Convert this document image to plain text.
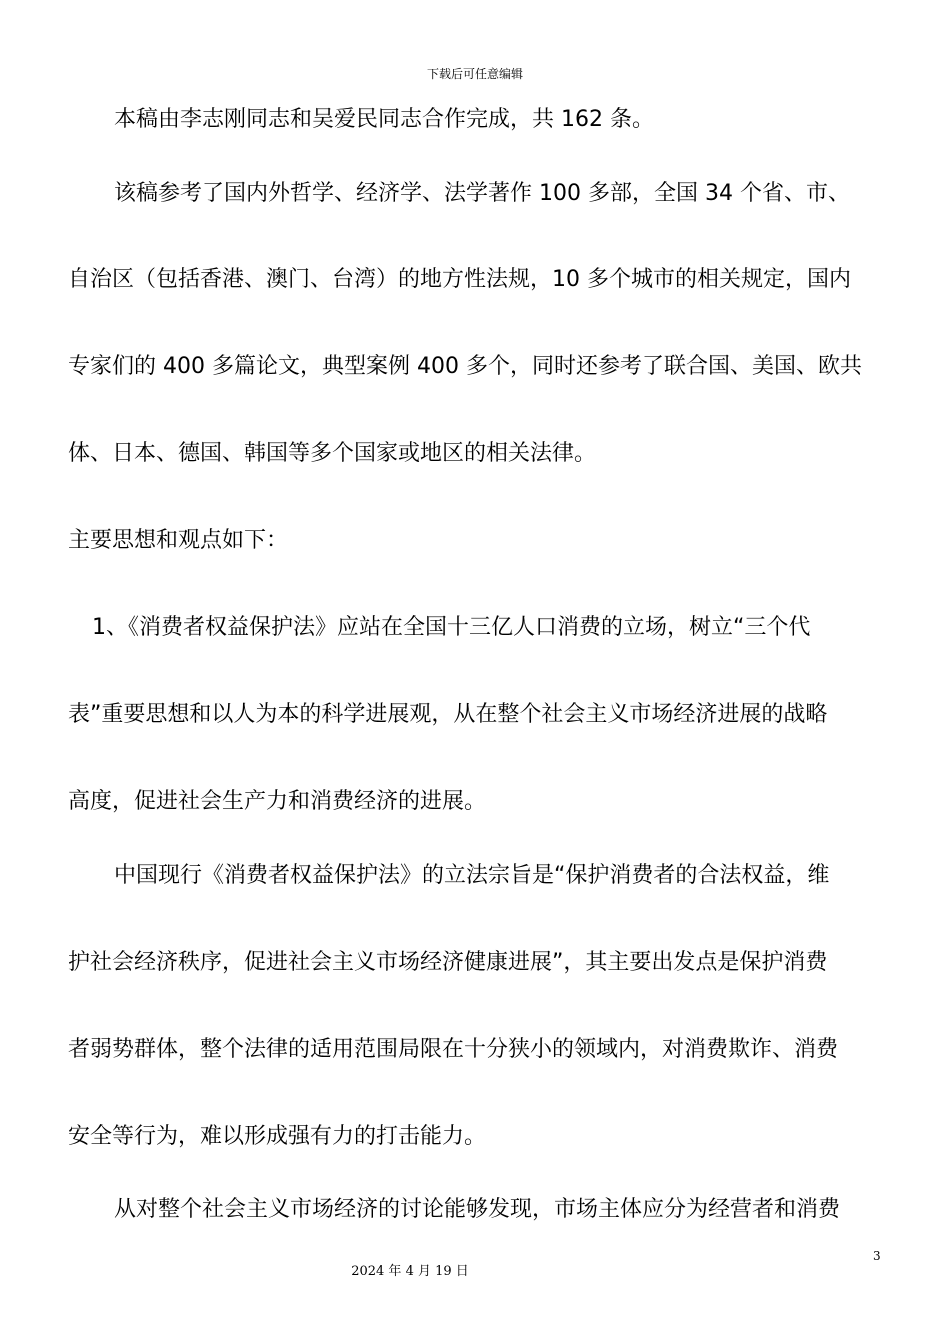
下载后可任意编辑
本稿由李志刚同志和吴爱民同志合作完成，共 162 条。
该稿参考了国内外哲学、经济学、法学著作 100 多部，全国 34 个省、市、
自治区（包括香港、澳门、台湾）的地方性法规，10 多个城市的相关规定，国内
专家们的 400 多篇论文，典型案例 400 多个，同时还参考了联合国、美国、欧共
体、日本、德国、韩国等多个国家或地区的相关法律。
主要思想和观点如下：
1、《消费者权益保护法》应站在全国十三亿人口消费的立场，树立“三个代
表”重要思想和以人为本的科学进展观，从在整个社会主义市场经济进展的战略
高度，促进社会生产力和消费经济的进展。
中国现行《消费者权益保护法》的立法宗旨是“保护消费者的合法权益，维
护社会经济秩序，促进社会主义市场经济健康进展”，其主要出发点是保护消费
者弱势群体，整个法律的适用范围局限在十分狭小的领域内，对消费欺诈、消费
安全等行为，难以形成强有力的打击能力。
从对整个社会主义市场经济的讨论能够发现，市场主体应分为经营者和消费
3
2024 年 4 月 19 日
